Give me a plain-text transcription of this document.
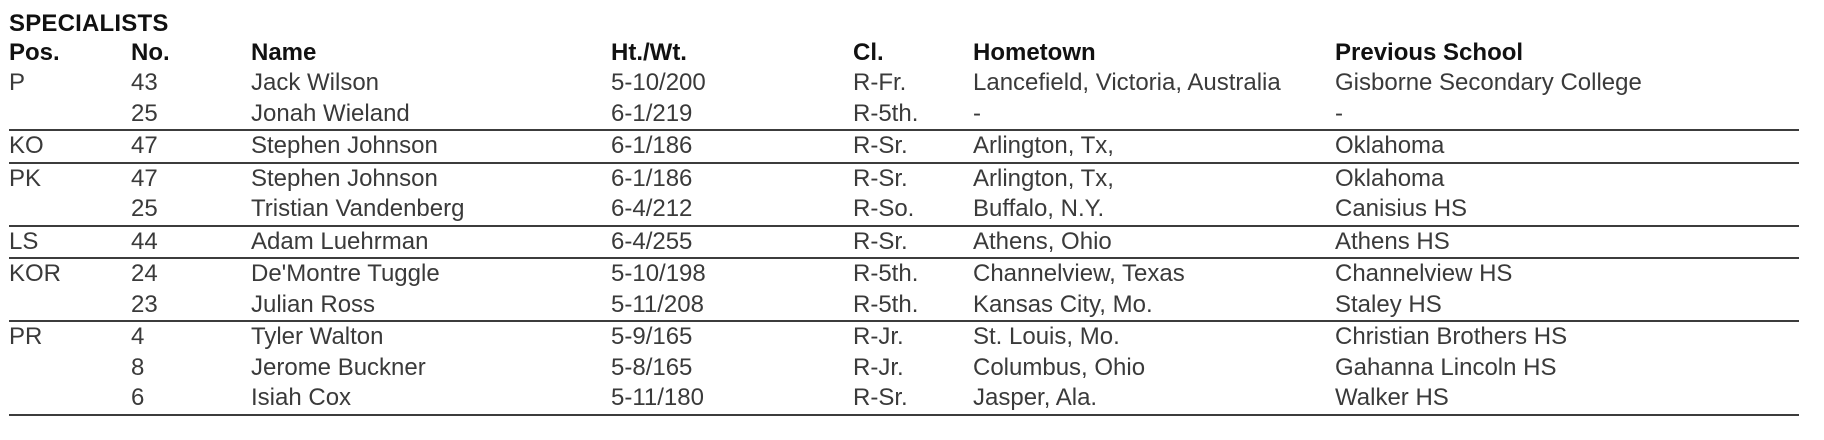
SPECIALISTS
Pos.	No.	Name	Ht./Wt.	Cl.	Hometown	Previous School
P	43	Jack Wilson	5-10/200	R-Fr.	Lancefield, Victoria, Australia	Gisborne Secondary College
	25	Jonah Wieland	6-1/219	R-5th.	-	-
KO	47	Stephen Johnson	6-1/186	R-Sr.	Arlington, Tx,	Oklahoma
PK	47	Stephen Johnson	6-1/186	R-Sr.	Arlington, Tx,	Oklahoma
	25	Tristian Vandenberg	6-4/212	R-So.	Buffalo, N.Y.	Canisius HS
LS	44	Adam Luehrman	6-4/255	R-Sr.	Athens, Ohio	Athens HS
KOR	24	De'Montre Tuggle	5-10/198	R-5th.	Channelview, Texas	Channelview HS
	23	Julian Ross	5-11/208	R-5th.	Kansas City, Mo.	Staley HS
PR	4	Tyler Walton	5-9/165	R-Jr.	St. Louis, Mo.	Christian Brothers HS
	8	Jerome Buckner	5-8/165	R-Jr.	Columbus, Ohio	Gahanna Lincoln HS
	6	Isiah Cox	5-11/180	R-Sr.	Jasper, Ala.	Walker HS
